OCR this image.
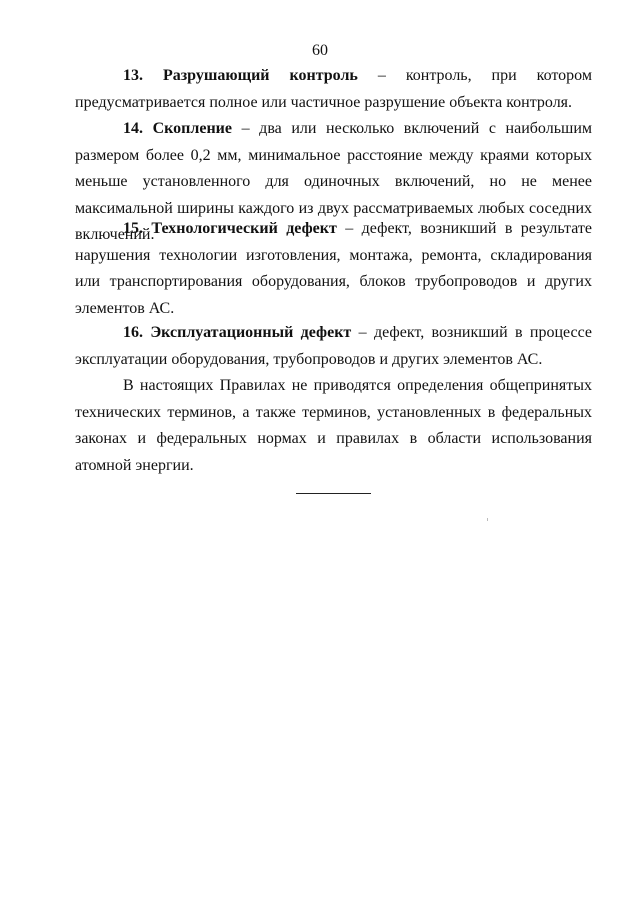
60

13. Разрушающий контроль – контроль, при котором предусматривается полное или частичное разрушение объекта контроля.

14. Скопление – два или несколько включений с наибольшим размером более 0,2 мм, минимальное расстояние между краями которых меньше установленного для одиночных включений, но не менее максимальной ширины каждого из двух рассматриваемых любых соседних включений.

15. Технологический дефект – дефект, возникший в результате нарушения технологии изготовления, монтажа, ремонта, складирования или транспортирования оборудования, блоков трубопроводов и других элементов АС.

16. Эксплуатационный дефект – дефект, возникший в процессе эксплуатации оборудования, трубопроводов и других элементов АС.

В настоящих Правилах не приводятся определения общепринятых технических терминов, а также терминов, установленных в федеральных законах и федеральных нормах и правилах в области использования атомной энергии.
